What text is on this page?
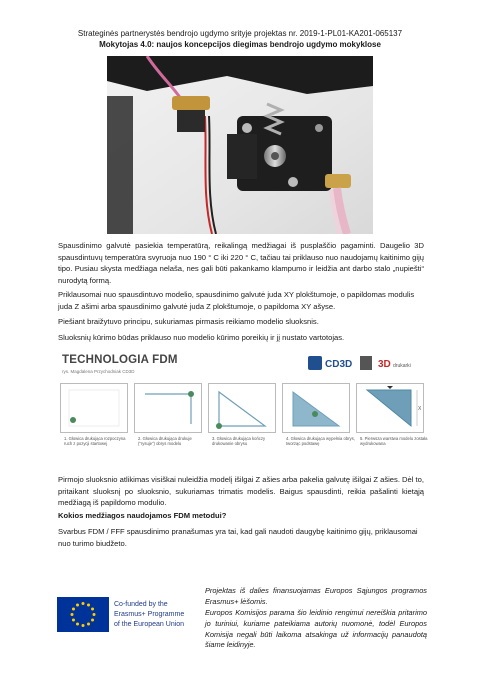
Strateginės partnerystės bendrojo ugdymo srityje projektas nr. 2019-1-PL01-KA201-065137
Mokytojas 4.0: naujos koncepcijos diegimas bendrojo ugdymo mokyklose

Spausdinimo galvutė pasiekia temperatūrą, reikalingą medžiagai iš pusplaščio pagaminti. Daugelio 3D spausdintuvų temperatūra svyruoja nuo 190 ° C iki 220 ° C, tačiau tai priklauso nuo naudojamų kaitinimo gijų tipo. Pusiau skysta medžiaga nelaša, nes gali būti pakankamo klampumo ir leidžia ant darbo stalo „nupiešti“ nurodytą formą.

Priklausomai nuo spausdintuvo modelio, spausdinimo galvutė juda XY plokštumoje, o papildomas modulis juda Z ašimi arba spausdinimo galvutė juda Z plokštumoje, o papildoma XY ašyse.

Piešiant braižytuvo principu, sukuriamas pirmasis reikiamo modelio sluoksnis.

Sluoksnių kūrimo būdas priklauso nuo modelio kūrimo poreikių ir jį nustato vartotojas.

TECHNOLOGIA FDM
rys. Magdalena Przychodniak CD3D
CD3D	3D drukarki
X
1. Głowica drukująca rozpoczyna ruch z pozycji startowej
2. Głowica drukująca drukuje ("rysuje") obrys modelu
3. Głowica drukująca kończy drukowanie obrysu
4. Głowica drukująca wypełnia obrys, tworząc podstawę
5. Pierwsza warstwa modelu została wydrukowana

Pirmojo sluoksnio atlikimas visiškai nuleidžia modelį išilgai Z ašies arba pakelia galvutę išilgai Z ašies. Dėl to, pritaikant sluoksnį po sluoksnio, sukuriamas trimatis modelis. Baigus spausdinti, reikia pašalinti kietąją medžiagą iš papildomo modulio.

Kokios medžiagos naudojamos FDM metodui?

Svarbus FDM / FFF spausdinimo pranašumas yra tai, kad gali naudoti daugybę kaitinimo gijų, priklausomai nuo turimo biudžeto.

Co-funded by the
Erasmus+ Programme
of the European Union

Projektas iš dalies finansuojamas Europos Sąjungos programos Erasmus+ lėšomis.

Europos Komisijos parama šio leidinio rengimui nereiškia pritarimo jo turiniui, kuriame pateikiama autorių nuomonė, todėl Europos Komisija negali būti laikoma atsakinga už informacijų panaudotą šiame leidinyje.
